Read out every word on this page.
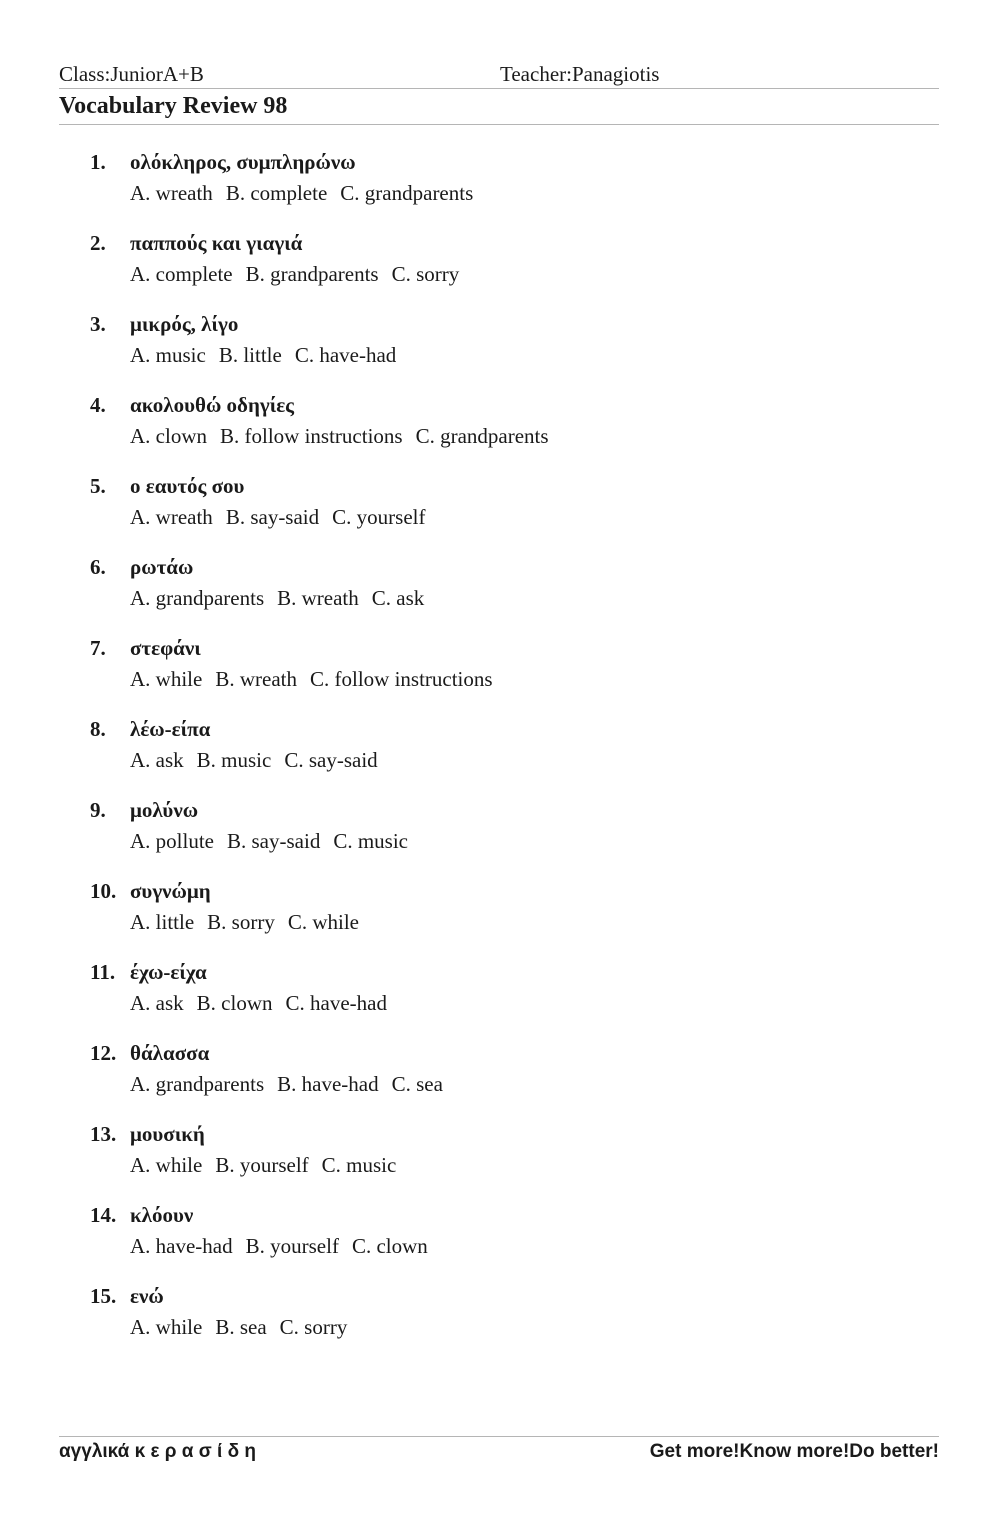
Class:JuniorA+B	Teacher:Panagiotis
Vocabulary Review 98
1.	ολόκληρος, συμπληρώνω
A. wreath B. complete C. grandparents
2.	παππούς και γιαγιά
A. complete B. grandparents C. sorry
3.	μικρός, λίγο
A. music B. little C. have-had
4.	ακολουθώ οδηγίες
A. clown B. follow instructions C. grandparents
5.	ο εαυτός σου
A. wreath B. say-said C. yourself
6.	ρωτάω
A. grandparents B. wreath C. ask
7.	στεφάνι
A. while B. wreath C. follow instructions
8.	λέω-είπα
A. ask B. music C. say-said
9.	μολύνω
A. pollute B. say-said C. music
10. συγνώμη
A. little B. sorry C. while
11. έχω-είχα
A. ask B. clown C. have-had
12. θάλασσα
A. grandparents B. have-had C. sea
13. μουσική
A. while B. yourself C. music
14. κλόουν
A. have-had B. yourself C. clown
15. ενώ
A. while B. sea C. sorry
αγγλικά κ ε ρ α σ ί δ η	Get more!Know more!Do better!
